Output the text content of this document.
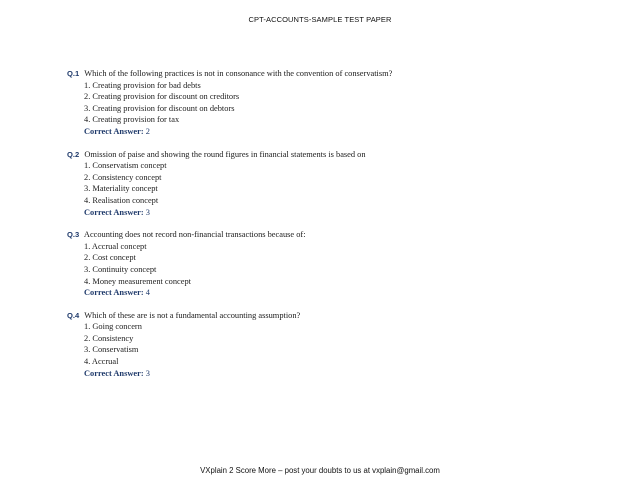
CPT-ACCOUNTS-SAMPLE TEST PAPER
Q.1 Which of the following practices is not in consonance with the convention of conservatism?
1. Creating provision for bad debts
2. Creating provision for discount on creditors
3. Creating provision for discount on debtors
4. Creating provision for tax
Correct Answer: 2
Q.2 Omission of paise and showing the round figures in financial statements is based on
1. Conservatism concept
2. Consistency concept
3. Materiality concept
4. Realisation concept
Correct Answer: 3
Q.3 Accounting does not record non-financial transactions because of:
1. Accrual concept
2. Cost concept
3. Continuity concept
4. Money measurement concept
Correct Answer: 4
Q.4 Which of these are is not a fundamental accounting assumption?
1. Going concern
2. Consistency
3. Conservatism
4. Accrual
Correct Answer: 3
VXplain 2 Score More – post your doubts to us at vxplain@gmail.com
